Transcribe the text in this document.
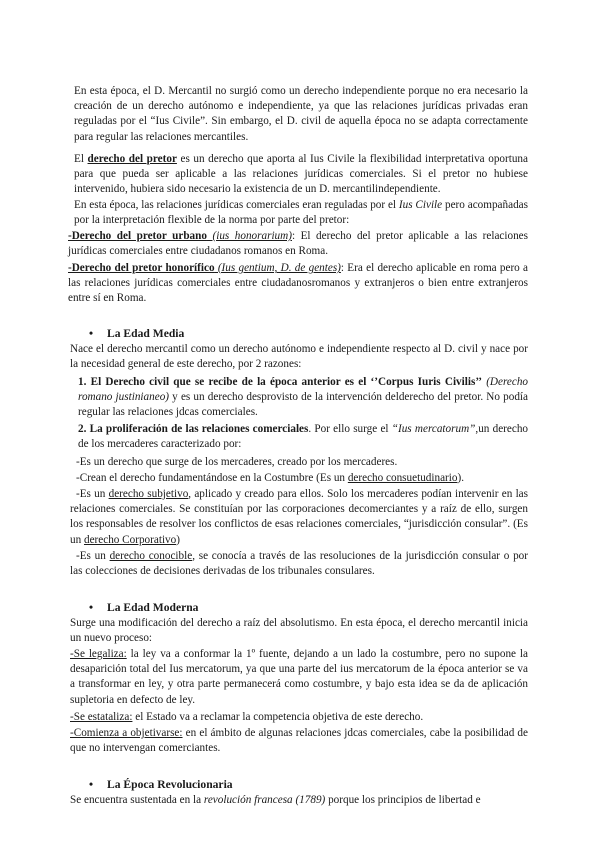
En esta época, el D. Mercantil no surgió como un derecho independiente porque no era necesario la creación de un derecho autónomo e independiente, ya que las relaciones jurídicas privadas eran reguladas por el “Ius Civile”. Sin embargo, el D. civil de aquella época no se adapta correctamente para regular las relaciones mercantiles.

El derecho del pretor es un derecho que aporta al Ius Civile la flexibilidad interpretativa oportuna para que pueda ser aplicable a las relaciones jurídicas comerciales. Si el pretor no hubiese intervenido, hubiera sido necesario la existencia de un D. mercantilindependiente.

En esta época, las relaciones jurídicas comerciales eran reguladas por el Ius Civile pero acompañadas por la interpretación flexible de la norma por parte del pretor:

-Derecho del pretor urbano (ius honorarium): El derecho del pretor aplicable a las relaciones jurídicas comerciales entre ciudadanos romanos en Roma.

-Derecho del pretor honorífico (Ius gentium, D. de gentes): Era el derecho aplicable en roma pero a las relaciones jurídicas comerciales entre ciudadanosromanos y extranjeros o bien entre extranjeros entre sí en Roma.

• La Edad Media

Nace el derecho mercantil como un derecho autónomo e independiente respecto al D. civil y nace por la necesidad general de este derecho, por 2 razones:

1. El Derecho civil que se recibe de la época anterior es el ‘’Corpus Iuris Civilis’’ (Derecho romano justinianeo) y es un derecho desprovisto de la intervención delderecho del pretor. No podía regular las relaciones jdcas comerciales.

2. La proliferación de las relaciones comerciales. Por ello surge el “Ius mercatorum”,un derecho de los mercaderes caracterizado por:

-Es un derecho que surge de los mercaderes, creado por los mercaderes.

-Crean el derecho fundamentándose en la Costumbre (Es un derecho consuetudinario).

-Es un derecho subjetivo, aplicado y creado para ellos. Solo los mercaderes podían intervenir en las relaciones comerciales. Se constituían por las corporaciones decomerciantes y a raíz de ello, surgen los responsables de resolver los conflictos de esas relaciones comerciales, “jurisdicción consular”. (Es un derecho Corporativo)

-Es un derecho conocible, se conocía a través de las resoluciones de la jurisdicción consular o por las colecciones de decisiones derivadas de los tribunales consulares.

• La Edad Moderna

Surge una modificación del derecho a raíz del absolutismo. En esta época, el derecho mercantil inicia un nuevo proceso:

-Se legaliza: la ley va a conformar la 1º fuente, dejando a un lado la costumbre, pero no supone la desaparición total del Ius mercatorum, ya que una parte del ius mercatorum de la época anterior se va a transformar en ley, y otra parte permanecerá como costumbre, y bajo esta idea se da de aplicación supletoria en defecto de ley.

-Se estataliza: el Estado va a reclamar la competencia objetiva de este derecho.

-Comienza a objetivarse: en el ámbito de algunas relaciones jdcas comerciales, cabe la posibilidad de que no intervengan comerciantes.

• La Época Revolucionaria

Se encuentra sustentada en la revolución francesa (1789) porque los principios de libertad e
